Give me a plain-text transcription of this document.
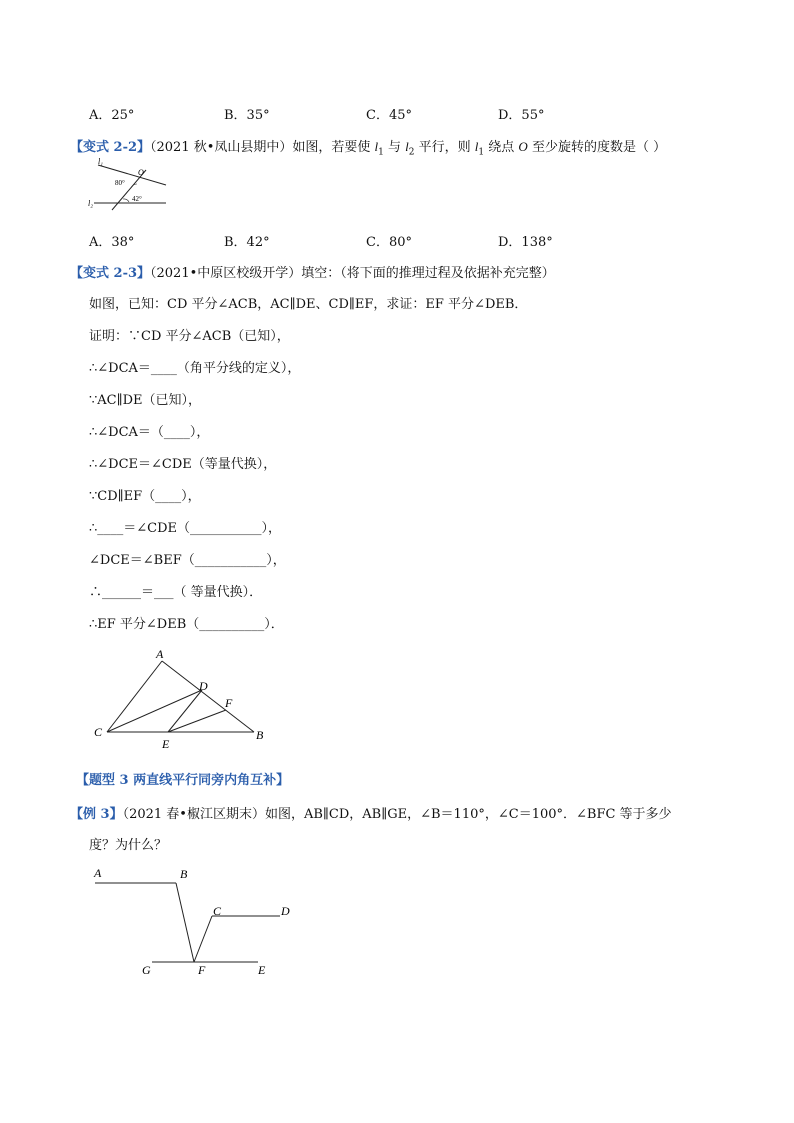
A．25°	B．35°	C．45°	D．55°
【变式 2-2】（2021 秋•凤山县期中）如图，若要使 $l_1$ 与 $l_2$ 平行，则 $l_1$ 绕点 O 至少旋转的度数是（ ）
l₁
l₂
O
80°
42°
A．38°	B．42°	C．80°	D．138°
【变式 2-3】（2021•中原区校级开学）填空：（将下面的推理过程及依据补充完整）
如图，已知：CD 平分∠ACB，AC∥DE、CD∥EF，求证：EF 平分∠DEB．
证明：∵CD 平分∠ACB（已知），
∴∠DCA＝____（角平分线的定义），
∵AC∥DE（已知），
∴∠DCA＝（____），
∴∠DCE＝∠CDE（等量代换），
∵CD∥EF（____），
∴____＝∠CDE（___________），
∠DCE＝∠BEF（___________），
∴______＝___（ 等量代换）．
∴EF 平分∠DEB（__________）．
A
D
F
C
E
B
【题型 3 两直线平行同旁内角互补】
【例 3】（2021 春•椒江区期末）如图，AB∥CD，AB∥GE，∠B＝110°，∠C＝100°．∠BFC 等于多少
度？为什么？
A	B
C	D
G	F	E
